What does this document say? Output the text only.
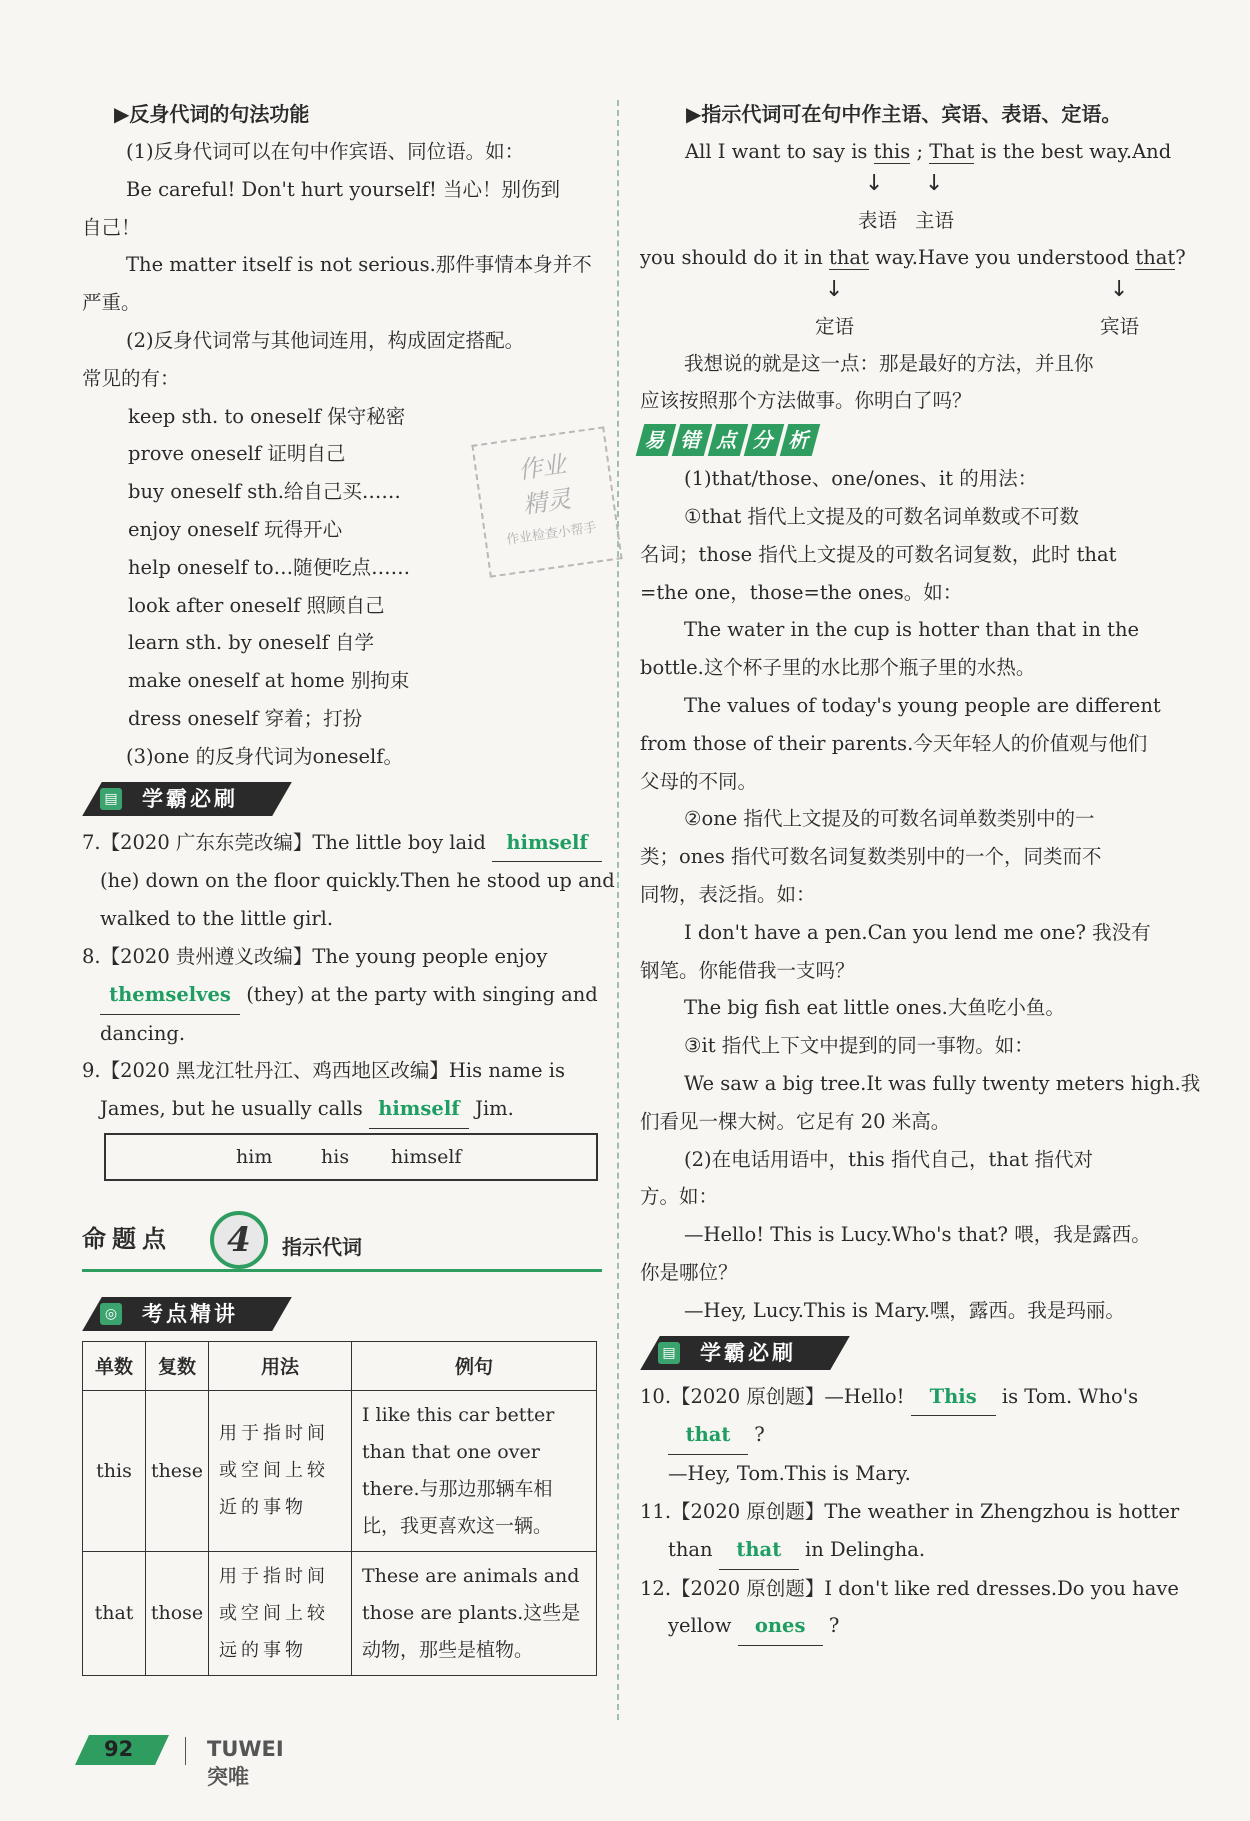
▶反身代词的句法功能
(1)反身代词可以在句中作宾语、同位语。如：
Be careful! Don't hurt yourself! 当心！别伤到
自己！
The matter itself is not serious.那件事情本身并不
严重。
(2)反身代词常与其他词连用，构成固定搭配。
常见的有：
keep sth. to oneself 保守秘密
prove oneself 证明自己
buy oneself sth.给自己买……
enjoy oneself 玩得开心
help oneself to…随便吃点……
look after oneself 照顾自己
learn sth. by oneself 自学
make oneself at home 别拘束
dress oneself 穿着；打扮
(3)one 的反身代词为oneself。
▤ 学霸必刷
7.【2020 广东东莞改编】The little boy laid himself
(he) down on the floor quickly.Then he stood up and
walked to the little girl.
8.【2020 贵州遵义改编】The young people enjoy
themselves (they) at the party with singing and
dancing.
9.【2020 黑龙江牡丹江、鸡西地区改编】His name is
James, but he usually calls himself Jim.
him	his himself
命题点	4	指示代词
◎ 考点精讲
单数	复数	用法	例句
this	these	用于指时间或空间上较近的事物	I like this car better than that one over there.与那边那辆车相比，我更喜欢这一辆。
that	those	用于指时间或空间上较远的事物	These are animals and those are plants.这些是动物，那些是植物。
作业
精灵
作业检查小帮手
▶指示代词可在句中作主语、宾语、表语、定语。
All I want to say is this ; That is the best way.And
↓ ↓
表语 主语
you should do it in that way.Have you understood that?
↓	↓
定语	宾语
我想说的就是这一点：那是最好的方法，并且你
应该按照那个方法做事。你明白了吗？
易 错 点 分 析
(1)that/those、one/ones、it 的用法：
①that 指代上文提及的可数名词单数或不可数
名词；those 指代上文提及的可数名词复数，此时 that
=the one，those=the ones。如：
The water in the cup is hotter than that in the
bottle.这个杯子里的水比那个瓶子里的水热。
The values of today's young people are different
from those of their parents.今天年轻人的价值观与他们
父母的不同。
②one 指代上文提及的可数名词单数类别中的一
类；ones 指代可数名词复数类别中的一个，同类而不
同物，表泛指。如：
I don't have a pen.Can you lend me one? 我没有
钢笔。你能借我一支吗？
The big fish eat little ones.大鱼吃小鱼。
③it 指代上下文中提到的同一事物。如：
We saw a big tree.It was fully twenty meters high.我
们看见一棵大树。它足有 20 米高。
(2)在电话用语中，this 指代自己，that 指代对
方。如：
—Hello! This is Lucy.Who's that? 喂，我是露西。
你是哪位？
—Hey, Lucy.This is Mary.嘿，露西。我是玛丽。
▤ 学霸必刷
10.【2020 原创题】—Hello! This is Tom. Who's
that ?
—Hey, Tom.This is Mary.
11.【2020 原创题】The weather in Zhengzhou is hotter
than that in Delingha.
12.【2020 原创题】I don't like red dresses.Do you have
yellow ones ?
92	TUWEI 突唯
